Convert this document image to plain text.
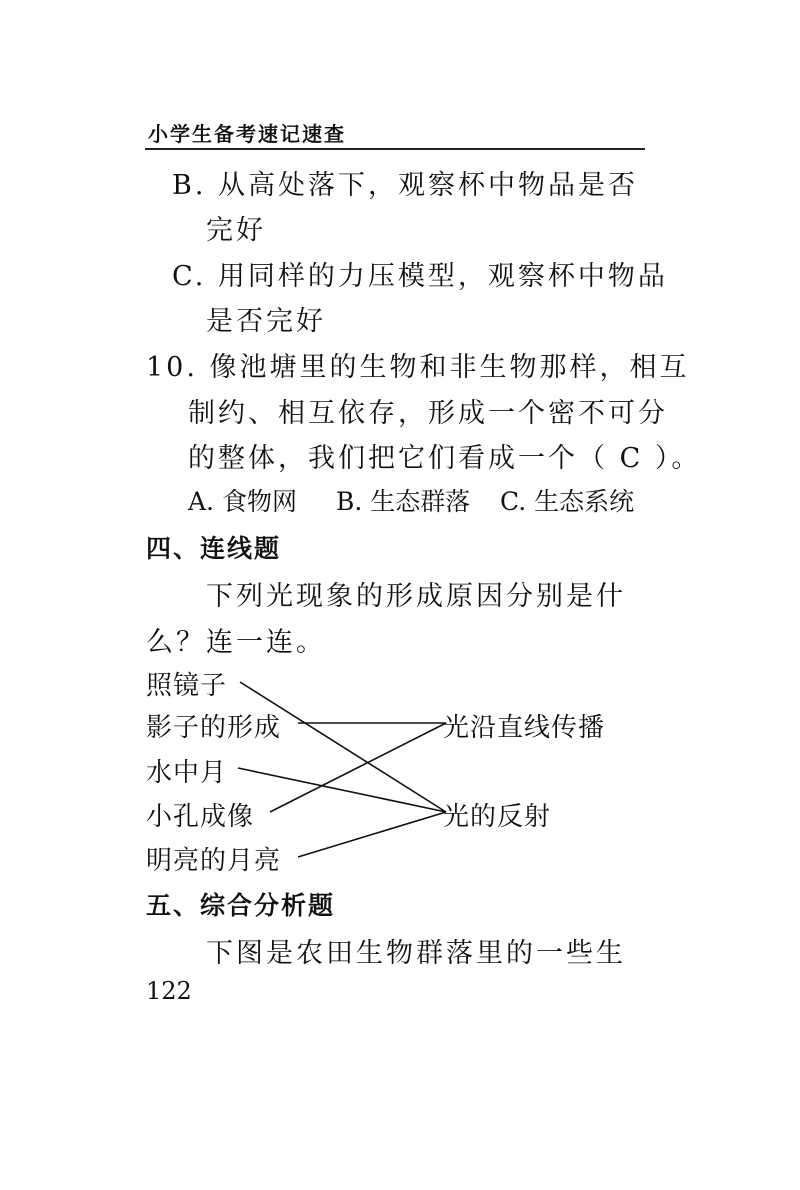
小学生备考速记速查
B. 从高处落下，观察杯中物品是否
完好
C. 用同样的力压模型，观察杯中物品
是否完好
10. 像池塘里的生物和非生物那样，相互
制约、相互依存，形成一个密不可分
的整体，我们把它们看成一个（ C ）。
A. 食物网 B. 生态群落 C. 生态系统
四、连线题
下列光现象的形成原因分别是什
么？连一连。
照镜子
影子的形成
水中月
小孔成像
明亮的月亮
光沿直线传播
光的反射
五、综合分析题
下图是农田生物群落里的一些生
122
